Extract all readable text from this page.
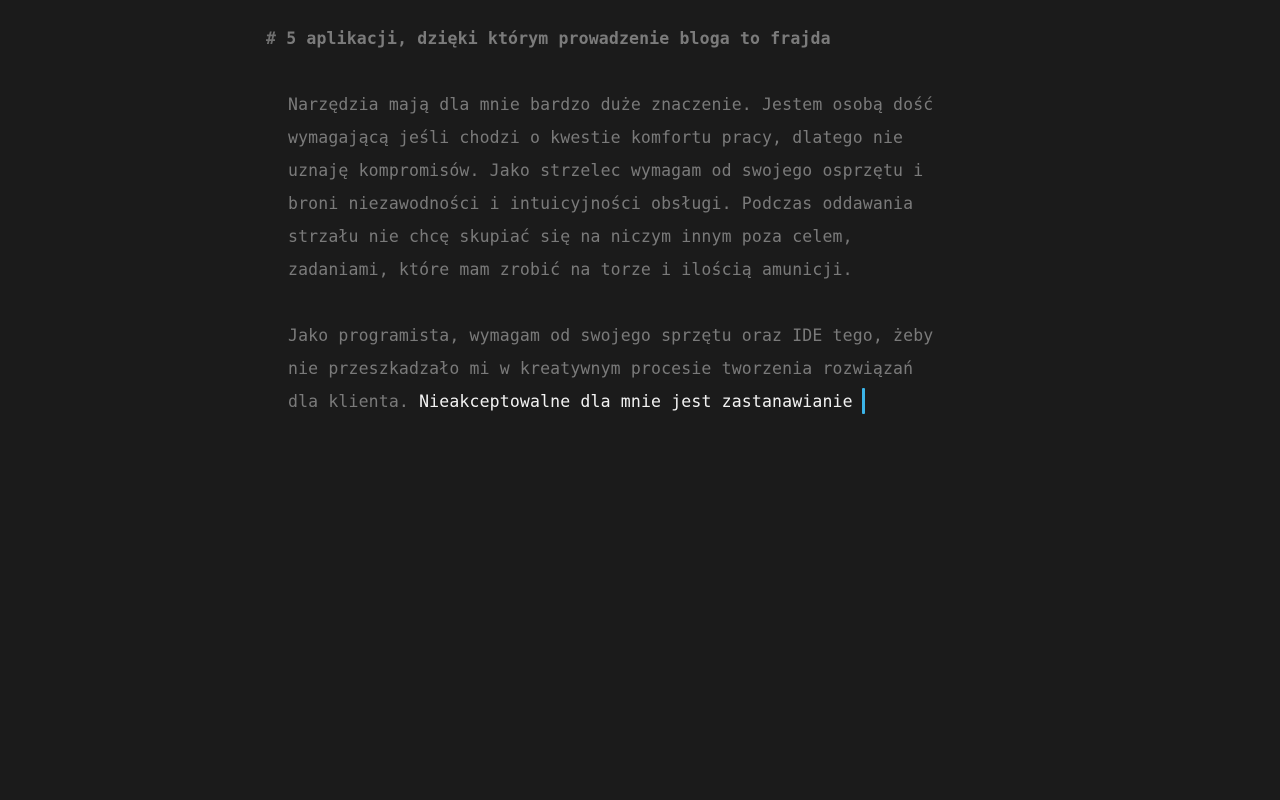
# 5 aplikacji, dzięki którym prowadzenie bloga to frajda
Narzędzia mają dla mnie bardzo duże znaczenie. Jestem osobą dość
wymagającą jeśli chodzi o kwestie komfortu pracy, dlatego nie
uznaję kompromisów. Jako strzelec wymagam od swojego osprzętu i
broni niezawodności i intuicyjności obsługi. Podczas oddawania
strzału nie chcę skupiać się na niczym innym poza celem,
zadaniami, które mam zrobić na torze i ilością amunicji.
Jako programista, wymagam od swojego sprzętu oraz IDE tego, żeby
nie przeszkadzało mi w kreatywnym procesie tworzenia rozwiązań
dla klienta. Nieakceptowalne dla mnie jest zastanawianie
